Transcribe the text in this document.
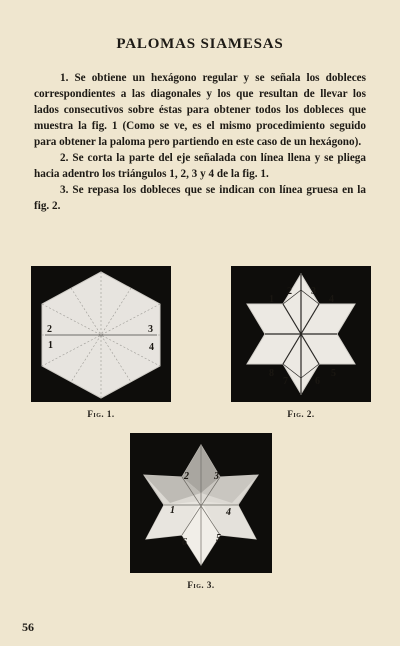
PALOMAS SIAMESAS

1. Se obtiene un hexágono regular y se señala los dobleces correspondientes a las diagonales y los que resultan de llevar los lados consecutivos sobre éstas para obtener todos los dobleces que muestra la fig. 1 (Como se ve, es el mismo procedimiento seguido para obtener la paloma pero partiendo en este caso de un hexágono).

2. Se corta la parte del eje señalada con línea llena y se pliega hacia adentro los triángulos 1, 2, 3 y 4 de la fig. 1.

3. Se repasa los dobleces que se indican con línea gruesa en la fig. 2.

2
1
3
4
Fig. 1.
1
2 3
4
8
7	6
5
Fig. 2.
2	3
1	4
6	5
Fig. 3.
56
